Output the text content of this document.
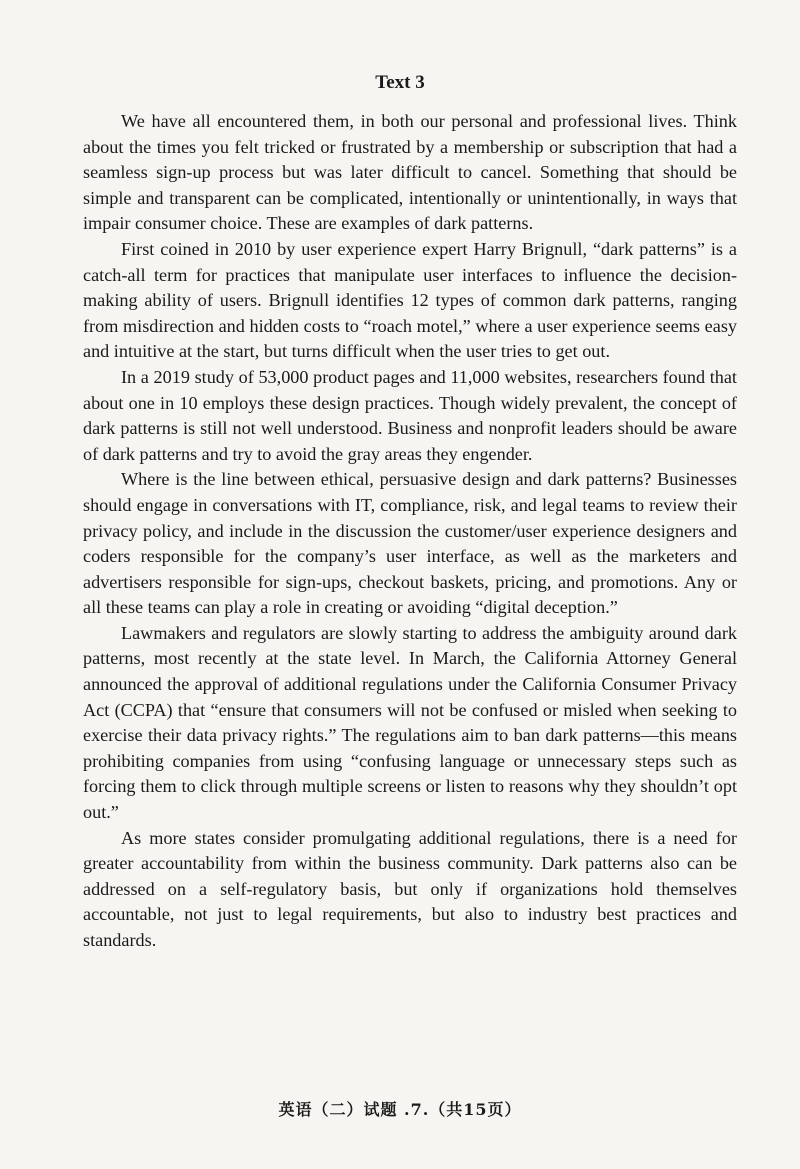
Text 3

We have all encountered them, in both our personal and professional lives. Think about the times you felt tricked or frustrated by a membership or subscription that had a seamless sign-up process but was later difficult to cancel. Something that should be simple and transparent can be complicated, intentionally or unintentionally, in ways that impair consumer choice. These are examples of dark patterns.

First coined in 2010 by user experience expert Harry Brignull, “dark patterns” is a catch-all term for practices that manipulate user interfaces to influence the decision-making ability of users. Brignull identifies 12 types of common dark patterns, ranging from misdirection and hidden costs to “roach motel,” where a user experience seems easy and intuitive at the start, but turns difficult when the user tries to get out.

In a 2019 study of 53,000 product pages and 11,000 websites, researchers found that about one in 10 employs these design practices. Though widely prevalent, the concept of dark patterns is still not well understood. Business and nonprofit leaders should be aware of dark patterns and try to avoid the gray areas they engender.

Where is the line between ethical, persuasive design and dark patterns? Businesses should engage in conversations with IT, compliance, risk, and legal teams to review their privacy policy, and include in the discussion the customer/user experience designers and coders responsible for the company’s user interface, as well as the marketers and advertisers responsible for sign-ups, checkout baskets, pricing, and promotions. Any or all these teams can play a role in creating or avoiding “digital deception.”

Lawmakers and regulators are slowly starting to address the ambiguity around dark patterns, most recently at the state level. In March, the California Attorney General announced the approval of additional regulations under the California Consumer Privacy Act (CCPA) that “ensure that consumers will not be confused or misled when seeking to exercise their data privacy rights.” The regulations aim to ban dark patterns—this means prohibiting companies from using “confusing language or unnecessary steps such as forcing them to click through multiple screens or listen to reasons why they shouldn’t opt out.”

As more states consider promulgating additional regulations, there is a need for greater accountability from within the business community. Dark patterns also can be addressed on a self-regulatory basis, but only if organizations hold themselves accountable, not just to legal requirements, but also to industry best practices and standards.

英语（二）试题 .7.（共15页）
